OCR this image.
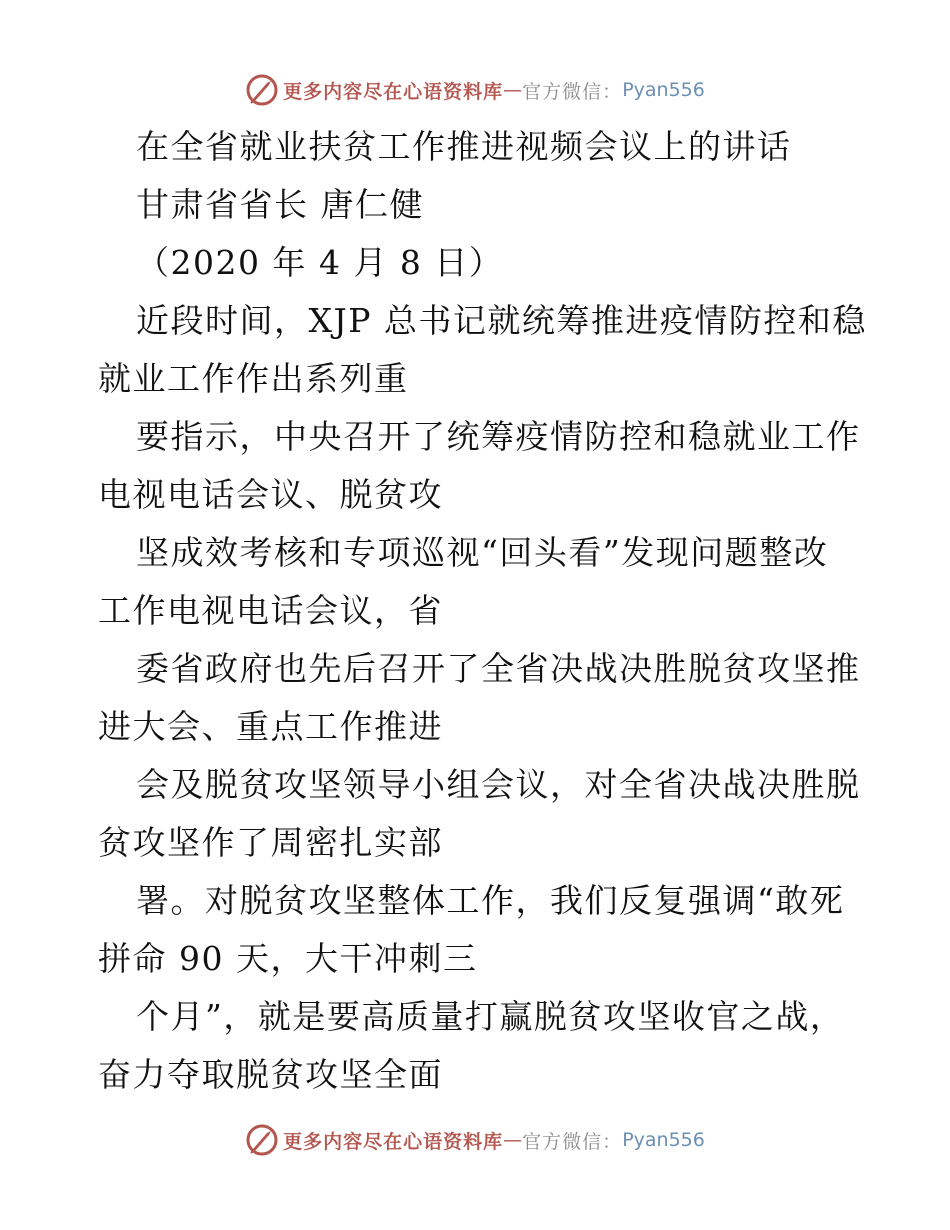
更多内容尽在心语资料库 — 官方微信： Pyan556
在全省就业扶贫工作推进视频会议上的讲话
甘肃省省长 唐仁健
（2020 年 4 月 8 日）
近段时间，XJP 总书记就统筹推进疫情防控和稳
就业工作作出系列重
要指示，中央召开了统筹疫情防控和稳就业工作
电视电话会议、脱贫攻
坚成效考核和专项巡视“回头看”发现问题整改
工作电视电话会议，省
委省政府也先后召开了全省决战决胜脱贫攻坚推
进大会、重点工作推进
会及脱贫攻坚领导小组会议，对全省决战决胜脱
贫攻坚作了周密扎实部
署。对脱贫攻坚整体工作，我们反复强调“敢死
拼命 90 天，大干冲刺三
个月”，就是要高质量打赢脱贫攻坚收官之战，
奋力夺取脱贫攻坚全面
更多内容尽在心语资料库 — 官方微信： Pyan556
